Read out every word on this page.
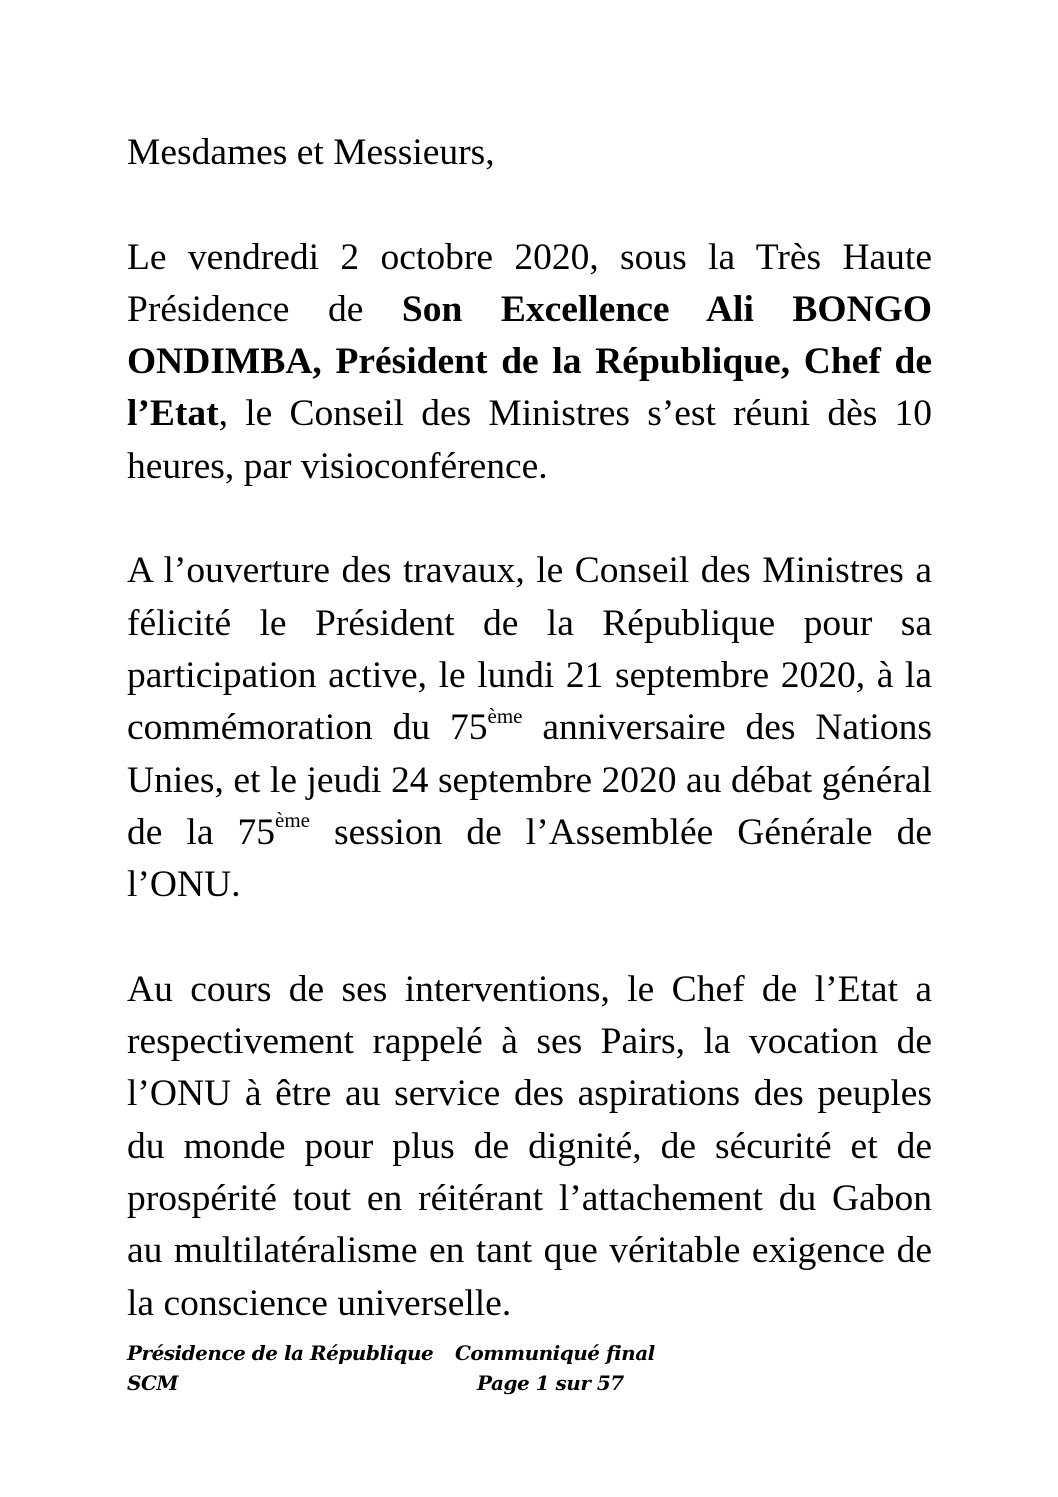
Mesdames et Messieurs,

Le vendredi 2 octobre 2020, sous la Très Haute Présidence de Son Excellence Ali BONGO ONDIMBA, Président de la République, Chef de l’Etat, le Conseil des Ministres s’est réuni dès 10 heures, par visioconférence.

A l’ouverture des travaux, le Conseil des Ministres a félicité le Président de la République pour sa participation active, le lundi 21 septembre 2020, à la commémoration du 75ème anniversaire des Nations Unies, et le jeudi 24 septembre 2020 au débat général de la 75ème session de l’Assemblée Générale de l’ONU.

Au cours de ses interventions, le Chef de l’Etat a respectivement rappelé à ses Pairs, la vocation de l’ONU à être au service des aspirations des peuples du monde pour plus de dignité, de sécurité et de prospérité tout en réitérant l’attachement du Gabon au multilatéralisme en tant que véritable exigence de la conscience universelle.

Présidence de la République
SCM
Communiqué final
Page 1 sur 57
